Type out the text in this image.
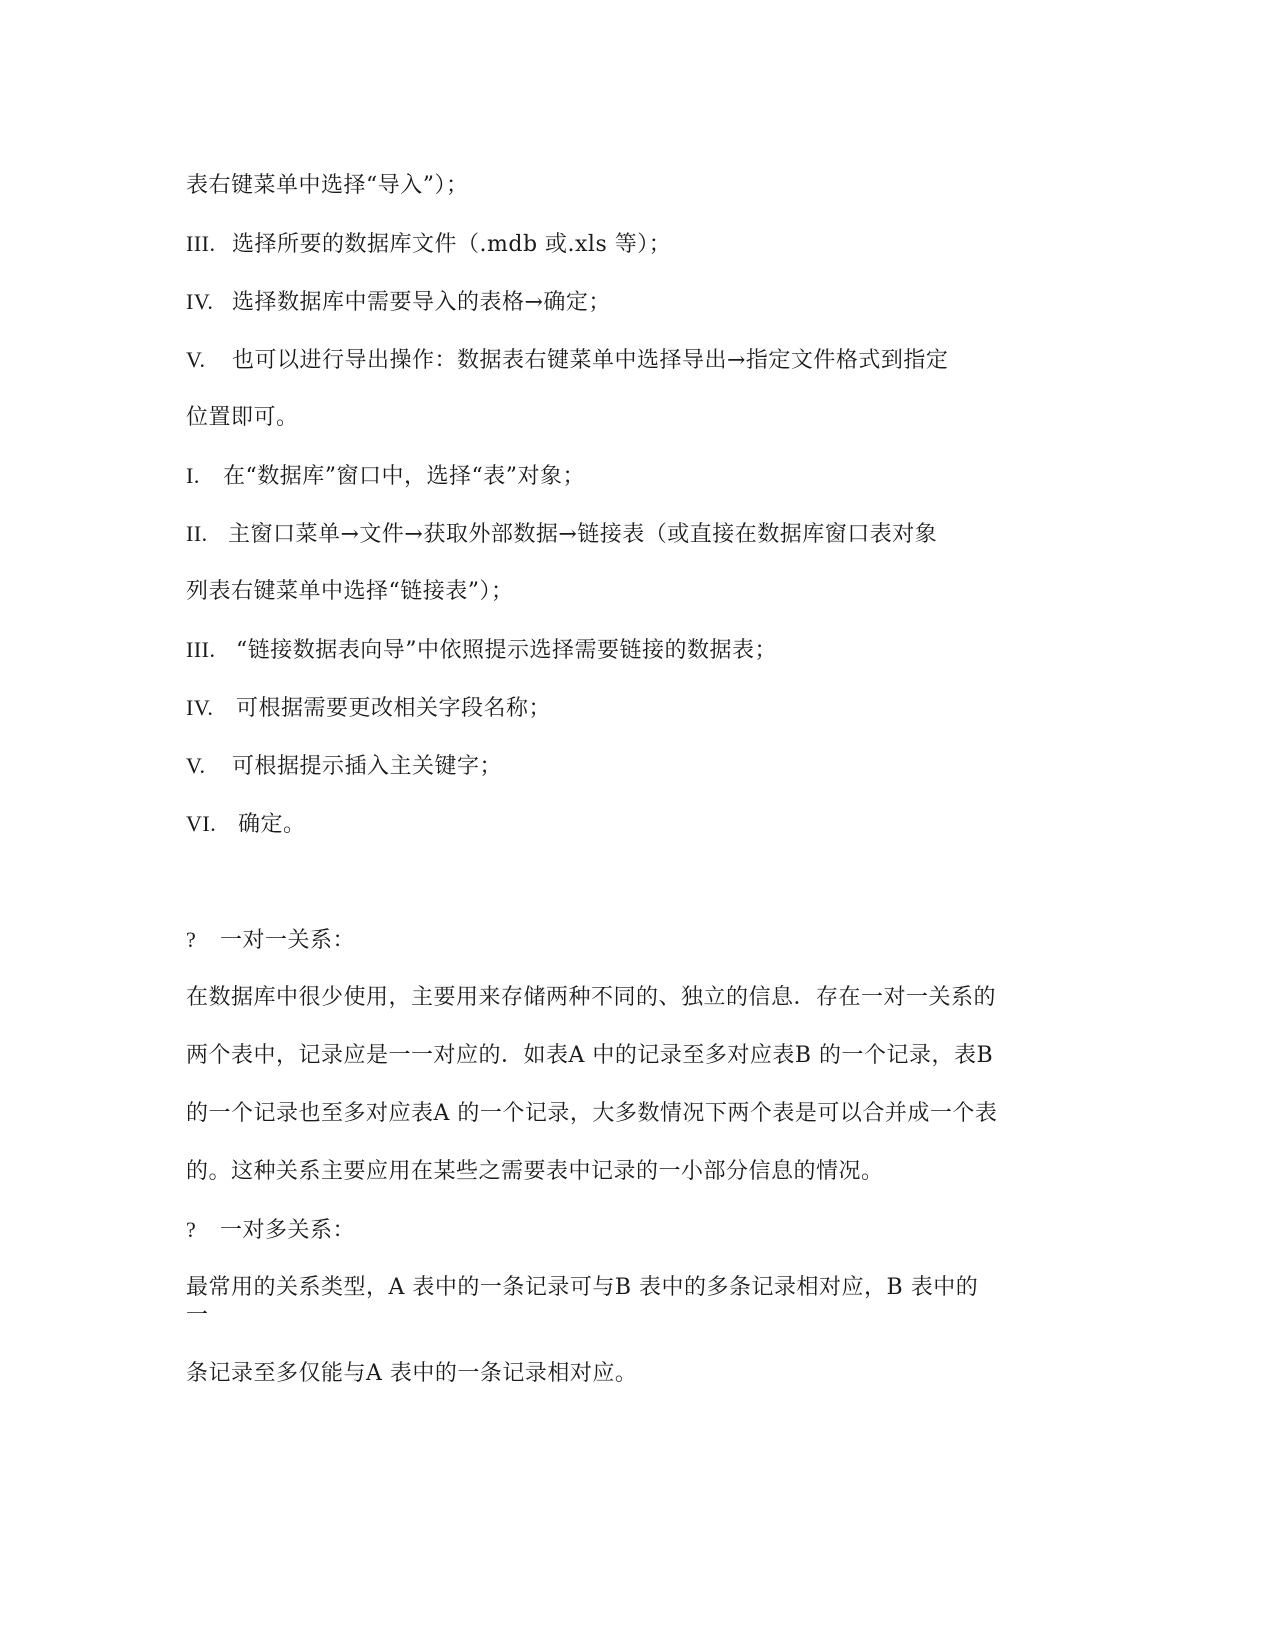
表右键菜单中选择“导入”）；
III. 选择所要的数据库文件（.mdb 或.xls 等）；
IV. 选择数据库中需要导入的表格→确定；
V. 也可以进行导出操作：数据表右键菜单中选择导出→指定文件格式到指定
位置即可。
I. 在“数据库”窗口中，选择“表”对象；
II. 主窗口菜单→文件→获取外部数据→链接表（或直接在数据库窗口表对象
列表右键菜单中选择“链接表”）；
III. “链接数据表向导”中依照提示选择需要链接的数据表；
IV. 可根据需要更改相关字段名称；
V. 可根据提示插入主关键字；
VI. 确定。
? 一对一关系：
在数据库中很少使用，主要用来存储两种不同的、独立的信息．存在一对一关系的
两个表中，记录应是一一对应的．如表A 中的记录至多对应表B 的一个记录，表B
的一个记录也至多对应表A 的一个记录，大多数情况下两个表是可以合并成一个表
的。这种关系主要应用在某些之需要表中记录的一小部分信息的情况。
? 一对多关系：
最常用的关系类型，A 表中的一条记录可与B 表中的多条记录相对应，B 表中的
一
条记录至多仅能与A 表中的一条记录相对应。
